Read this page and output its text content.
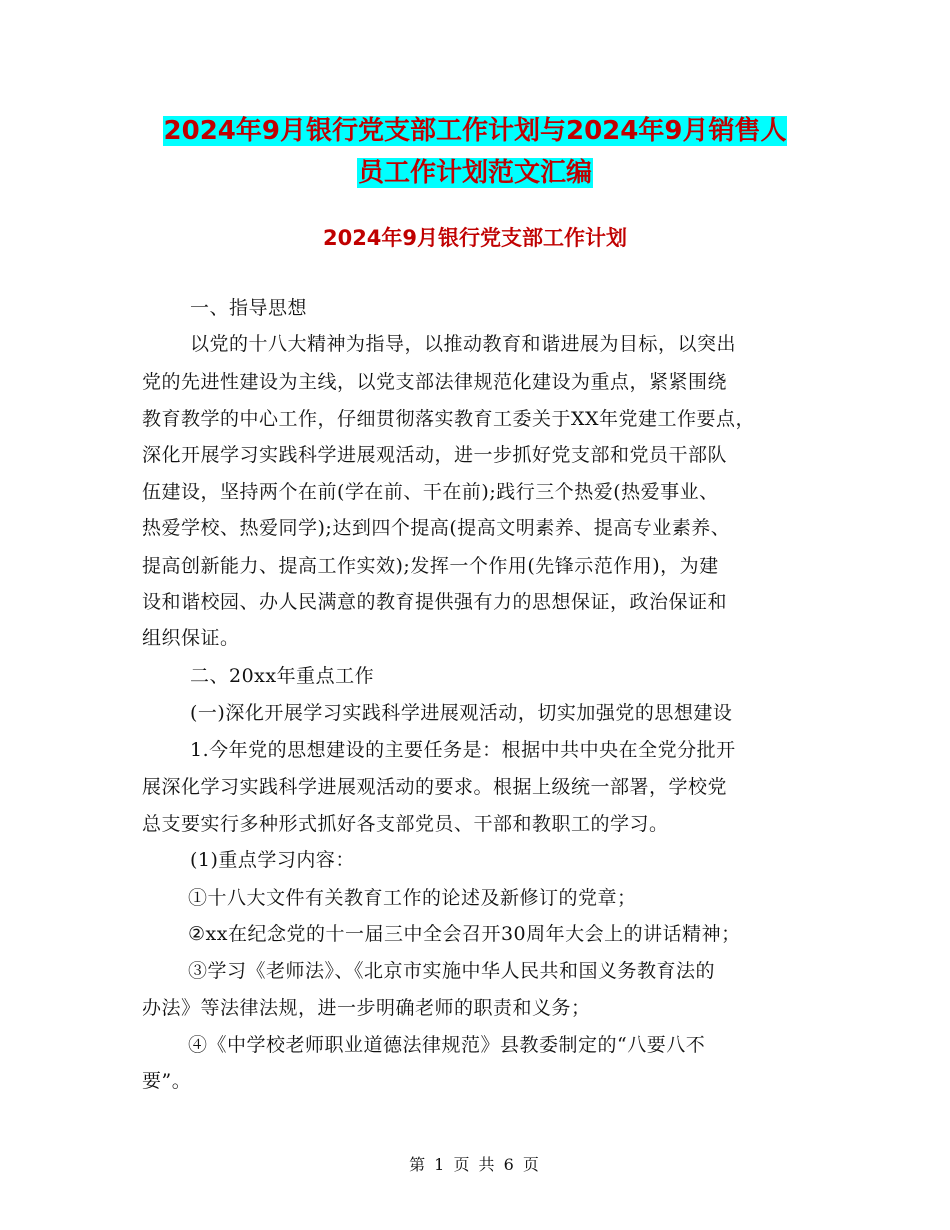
2024年9月银行党支部工作计划与2024年9月销售人
员工作计划范文汇编
2024年9月银行党支部工作计划
一、指导思想
以党的十八大精神为指导，以推动教育和谐进展为目标，以突出
党的先进性建设为主线，以党支部法律规范化建设为重点，紧紧围绕
教育教学的中心工作，仔细贯彻落实教育工委关于XX年党建工作要点，
深化开展学习实践科学进展观活动，进一步抓好党支部和党员干部队
伍建设，坚持两个在前(学在前、干在前);践行三个热爱(热爱事业、
热爱学校、热爱同学);达到四个提高(提高文明素养、提高专业素养、
提高创新能力、提高工作实效);发挥一个作用(先锋示范作用)，为建
设和谐校园、办人民满意的教育提供强有力的思想保证，政治保证和
组织保证。
二、20xx年重点工作
(一)深化开展学习实践科学进展观活动，切实加强党的思想建设
1.今年党的思想建设的主要任务是：根据中共中央在全党分批开
展深化学习实践科学进展观活动的要求。根据上级统一部署，学校党
总支要实行多种形式抓好各支部党员、干部和教职工的学习。
(1)重点学习内容：
①十八大文件有关教育工作的论述及新修订的党章；
②xx在纪念党的十一届三中全会召开30周年大会上的讲话精神；
③学习《老师法》、《北京市实施中华人民共和国义务教育法的
办法》等法律法规，进一步明确老师的职责和义务；
④《中学校老师职业道德法律规范》县教委制定的“八要八不
要”。
第 1 页 共 6 页
